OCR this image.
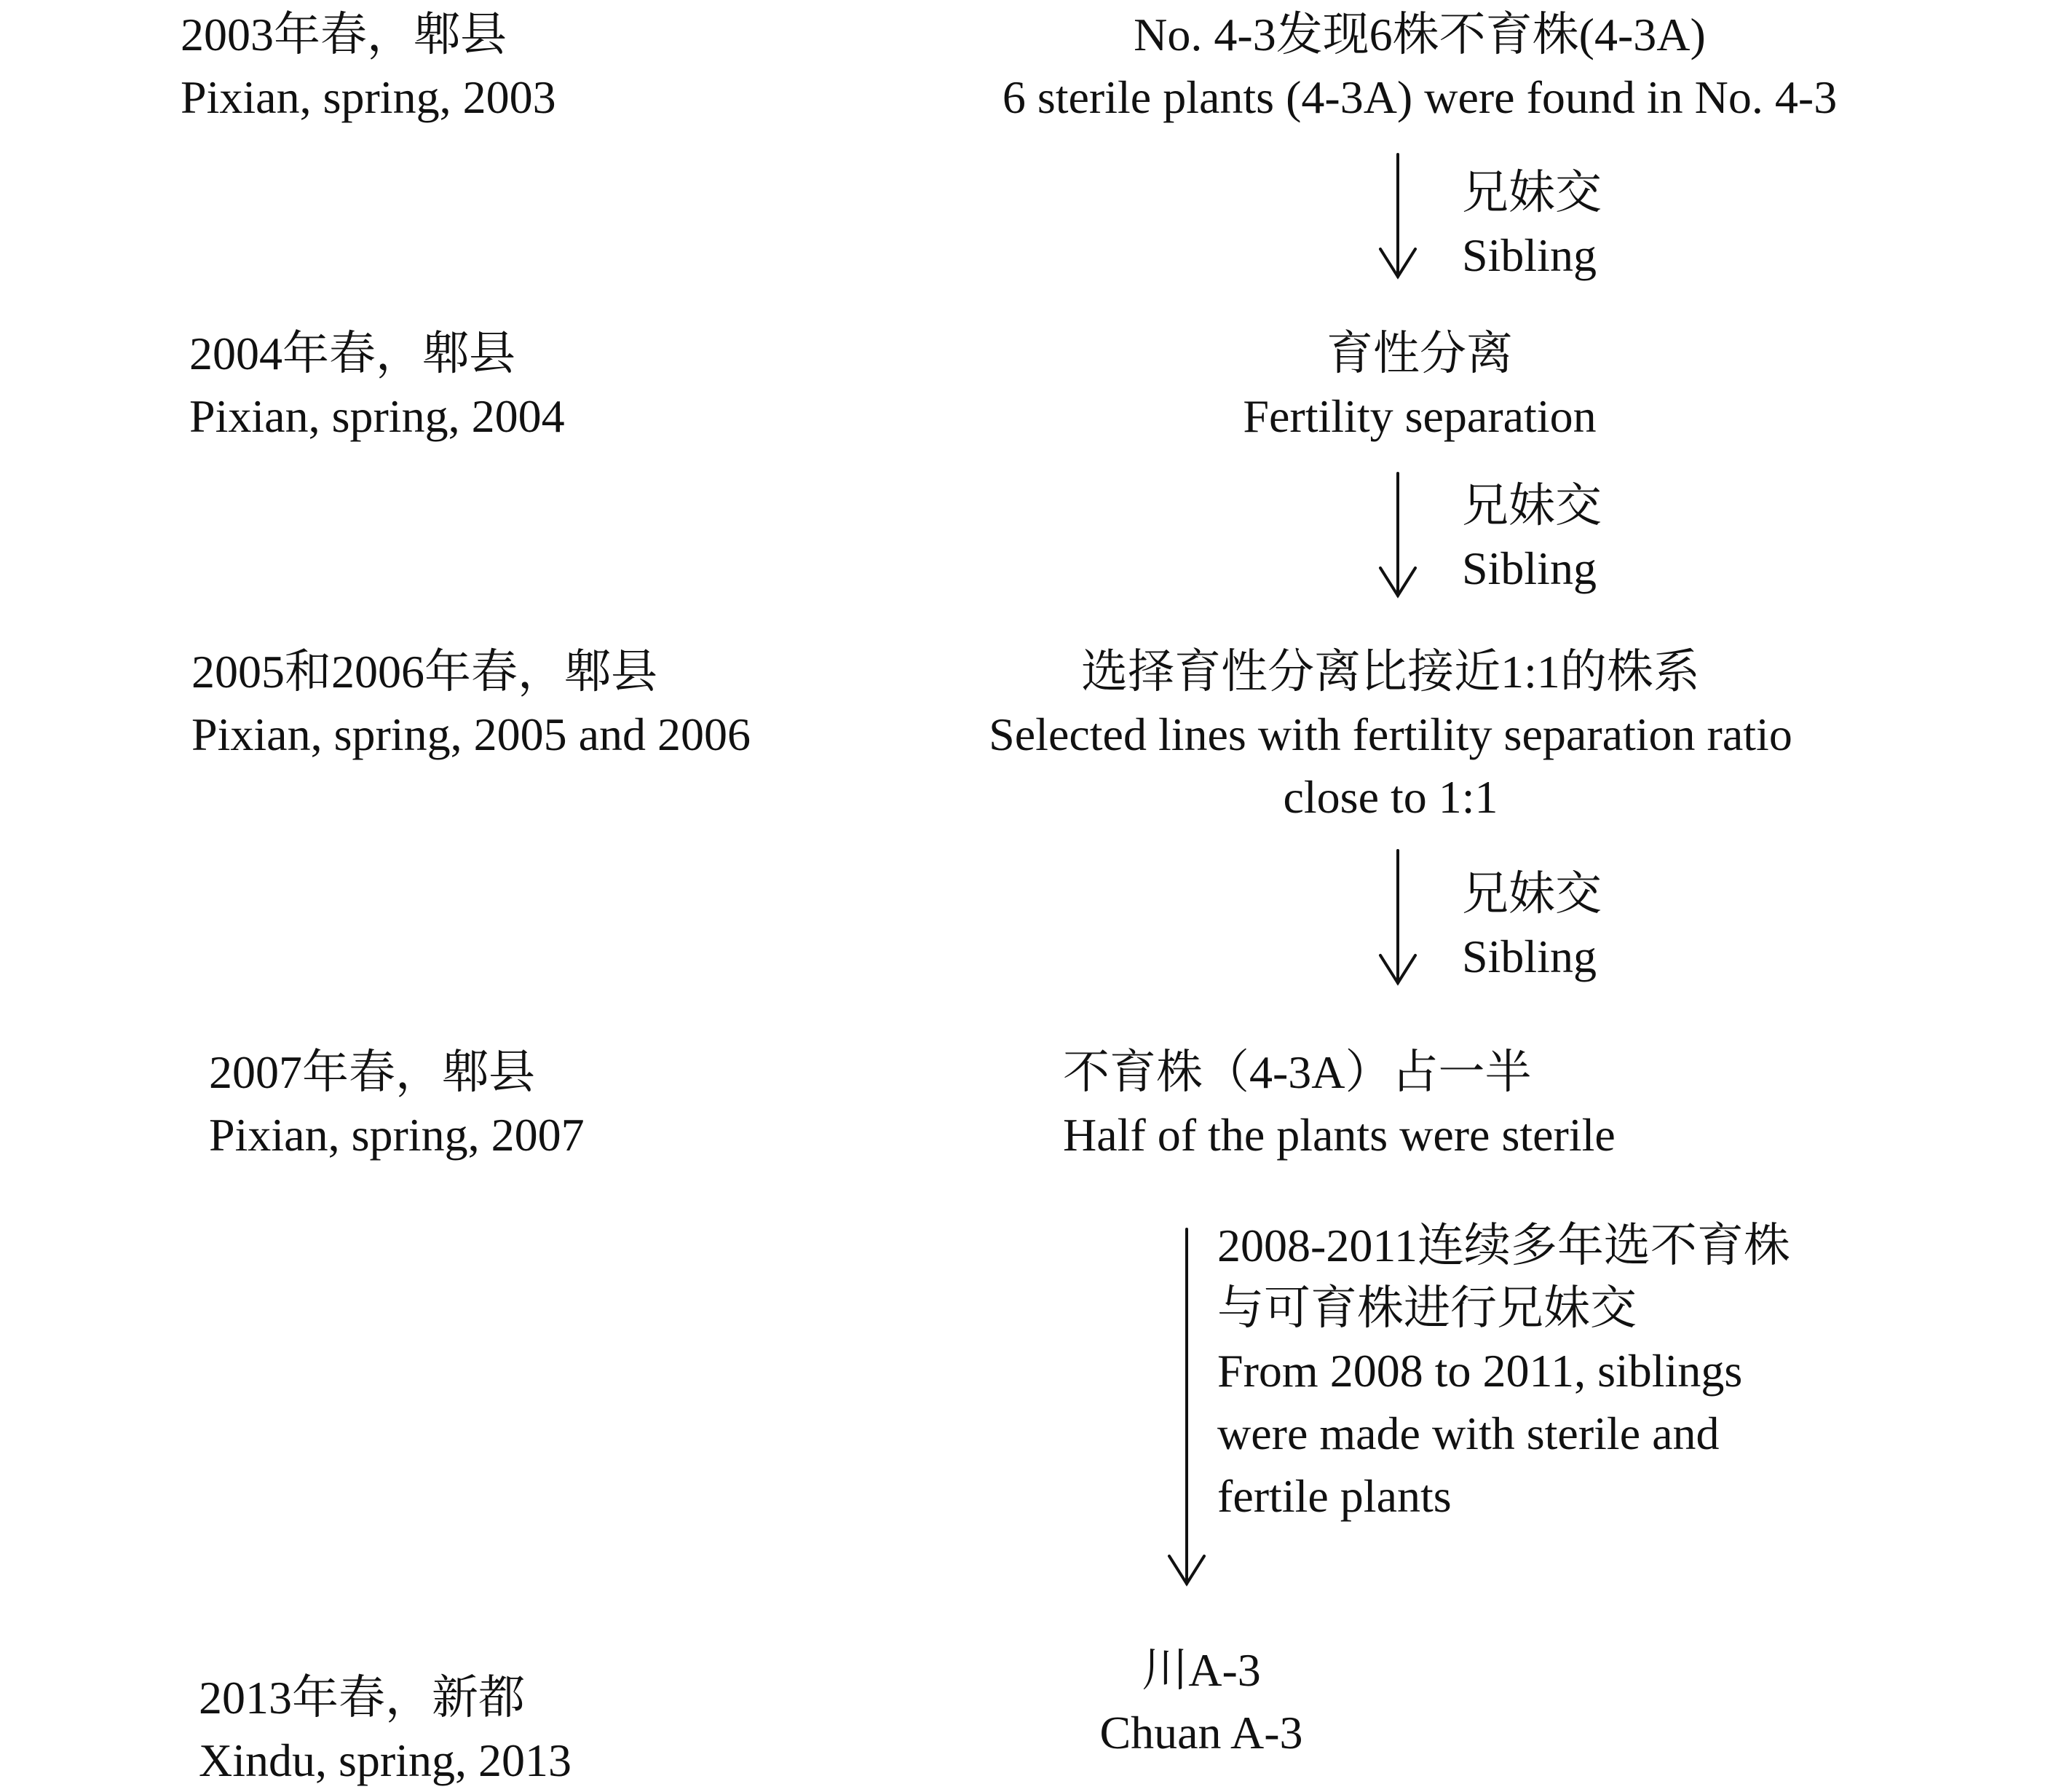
2003年春，郫县
Pixian, spring, 2003
2004年春，郫县
Pixian, spring, 2004
2005和2006年春，郫县
Pixian, spring, 2005 and 2006
2007年春，郫县
Pixian, spring, 2007
2013年春，新都
Xindu, spring, 2013
No. 4-3发现6株不育株(4-3A)
6 sterile plants (4-3A) were found in No. 4-3
育性分离
Fertility separation
选择育性分离比接近1:1的株系
Selected lines with fertility separation ratio
close to 1:1
不育株（4-3A）占一半
Half of the plants were sterile
川A-3
Chuan A-3
兄妹交
Sibling
兄妹交
Sibling
兄妹交
Sibling
2008-2011连续多年选不育株
与可育株进行兄妹交
From 2008 to 2011, siblings
were made with sterile and
fertile plants
